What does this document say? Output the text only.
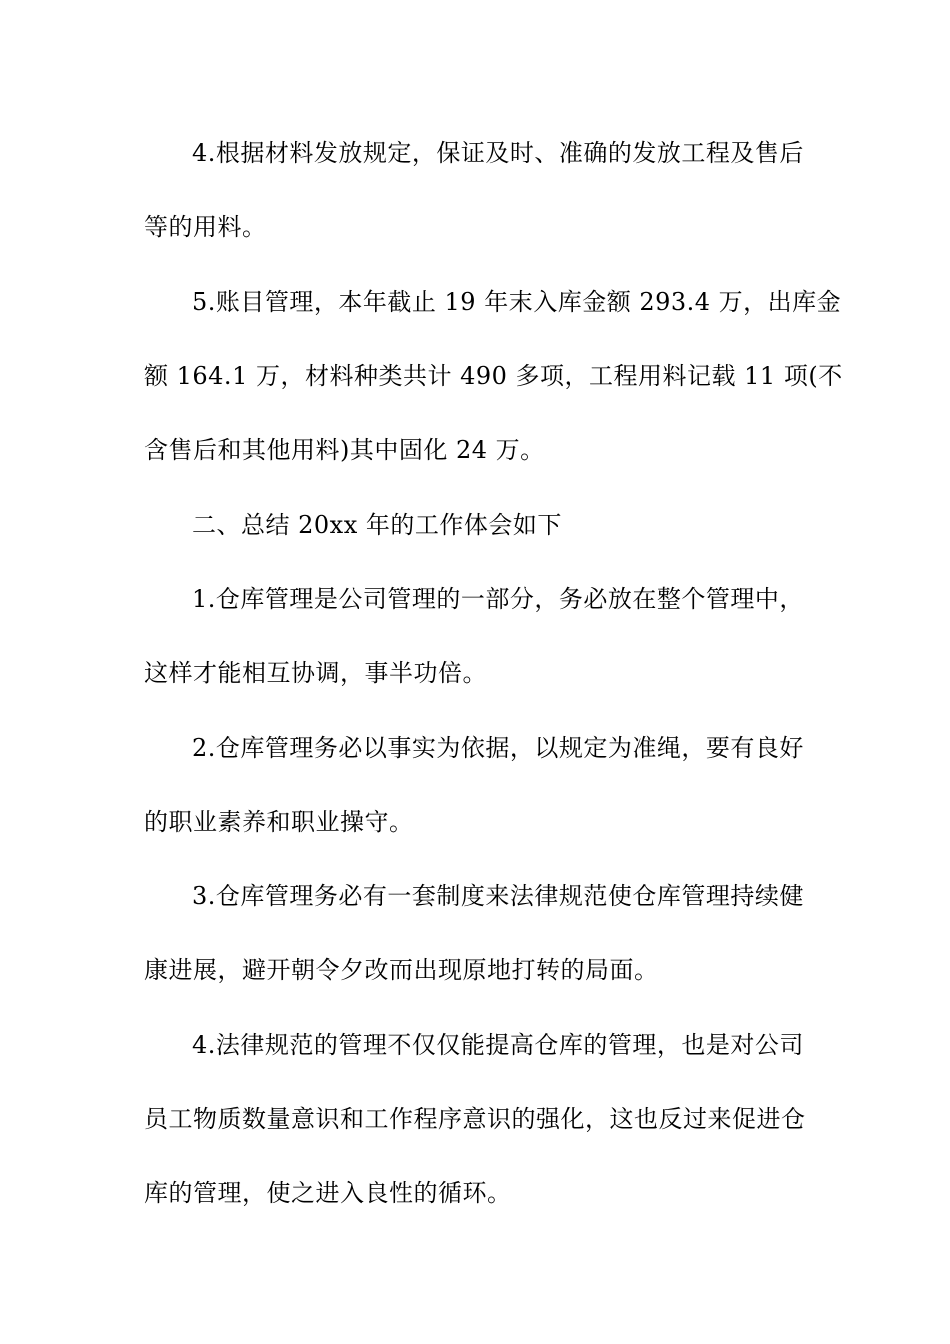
4.根据材料发放规定，保证及时、准确的发放工程及售后
等的用料。
5.账目管理，本年截止 19 年末入库金额 293.4 万，出库金
额 164.1 万，材料种类共计 490 多项，工程用料记载 11 项(不
含售后和其他用料)其中固化 24 万。
二、总结 20xx 年的工作体会如下
1.仓库管理是公司管理的一部分，务必放在整个管理中，
这样才能相互协调，事半功倍。
2.仓库管理务必以事实为依据，以规定为准绳，要有良好
的职业素养和职业操守。
3.仓库管理务必有一套制度来法律规范使仓库管理持续健
康进展，避开朝令夕改而出现原地打转的局面。
4.法律规范的管理不仅仅能提高仓库的管理，也是对公司
员工物质数量意识和工作程序意识的强化，这也反过来促进仓
库的管理，使之进入良性的循环。
